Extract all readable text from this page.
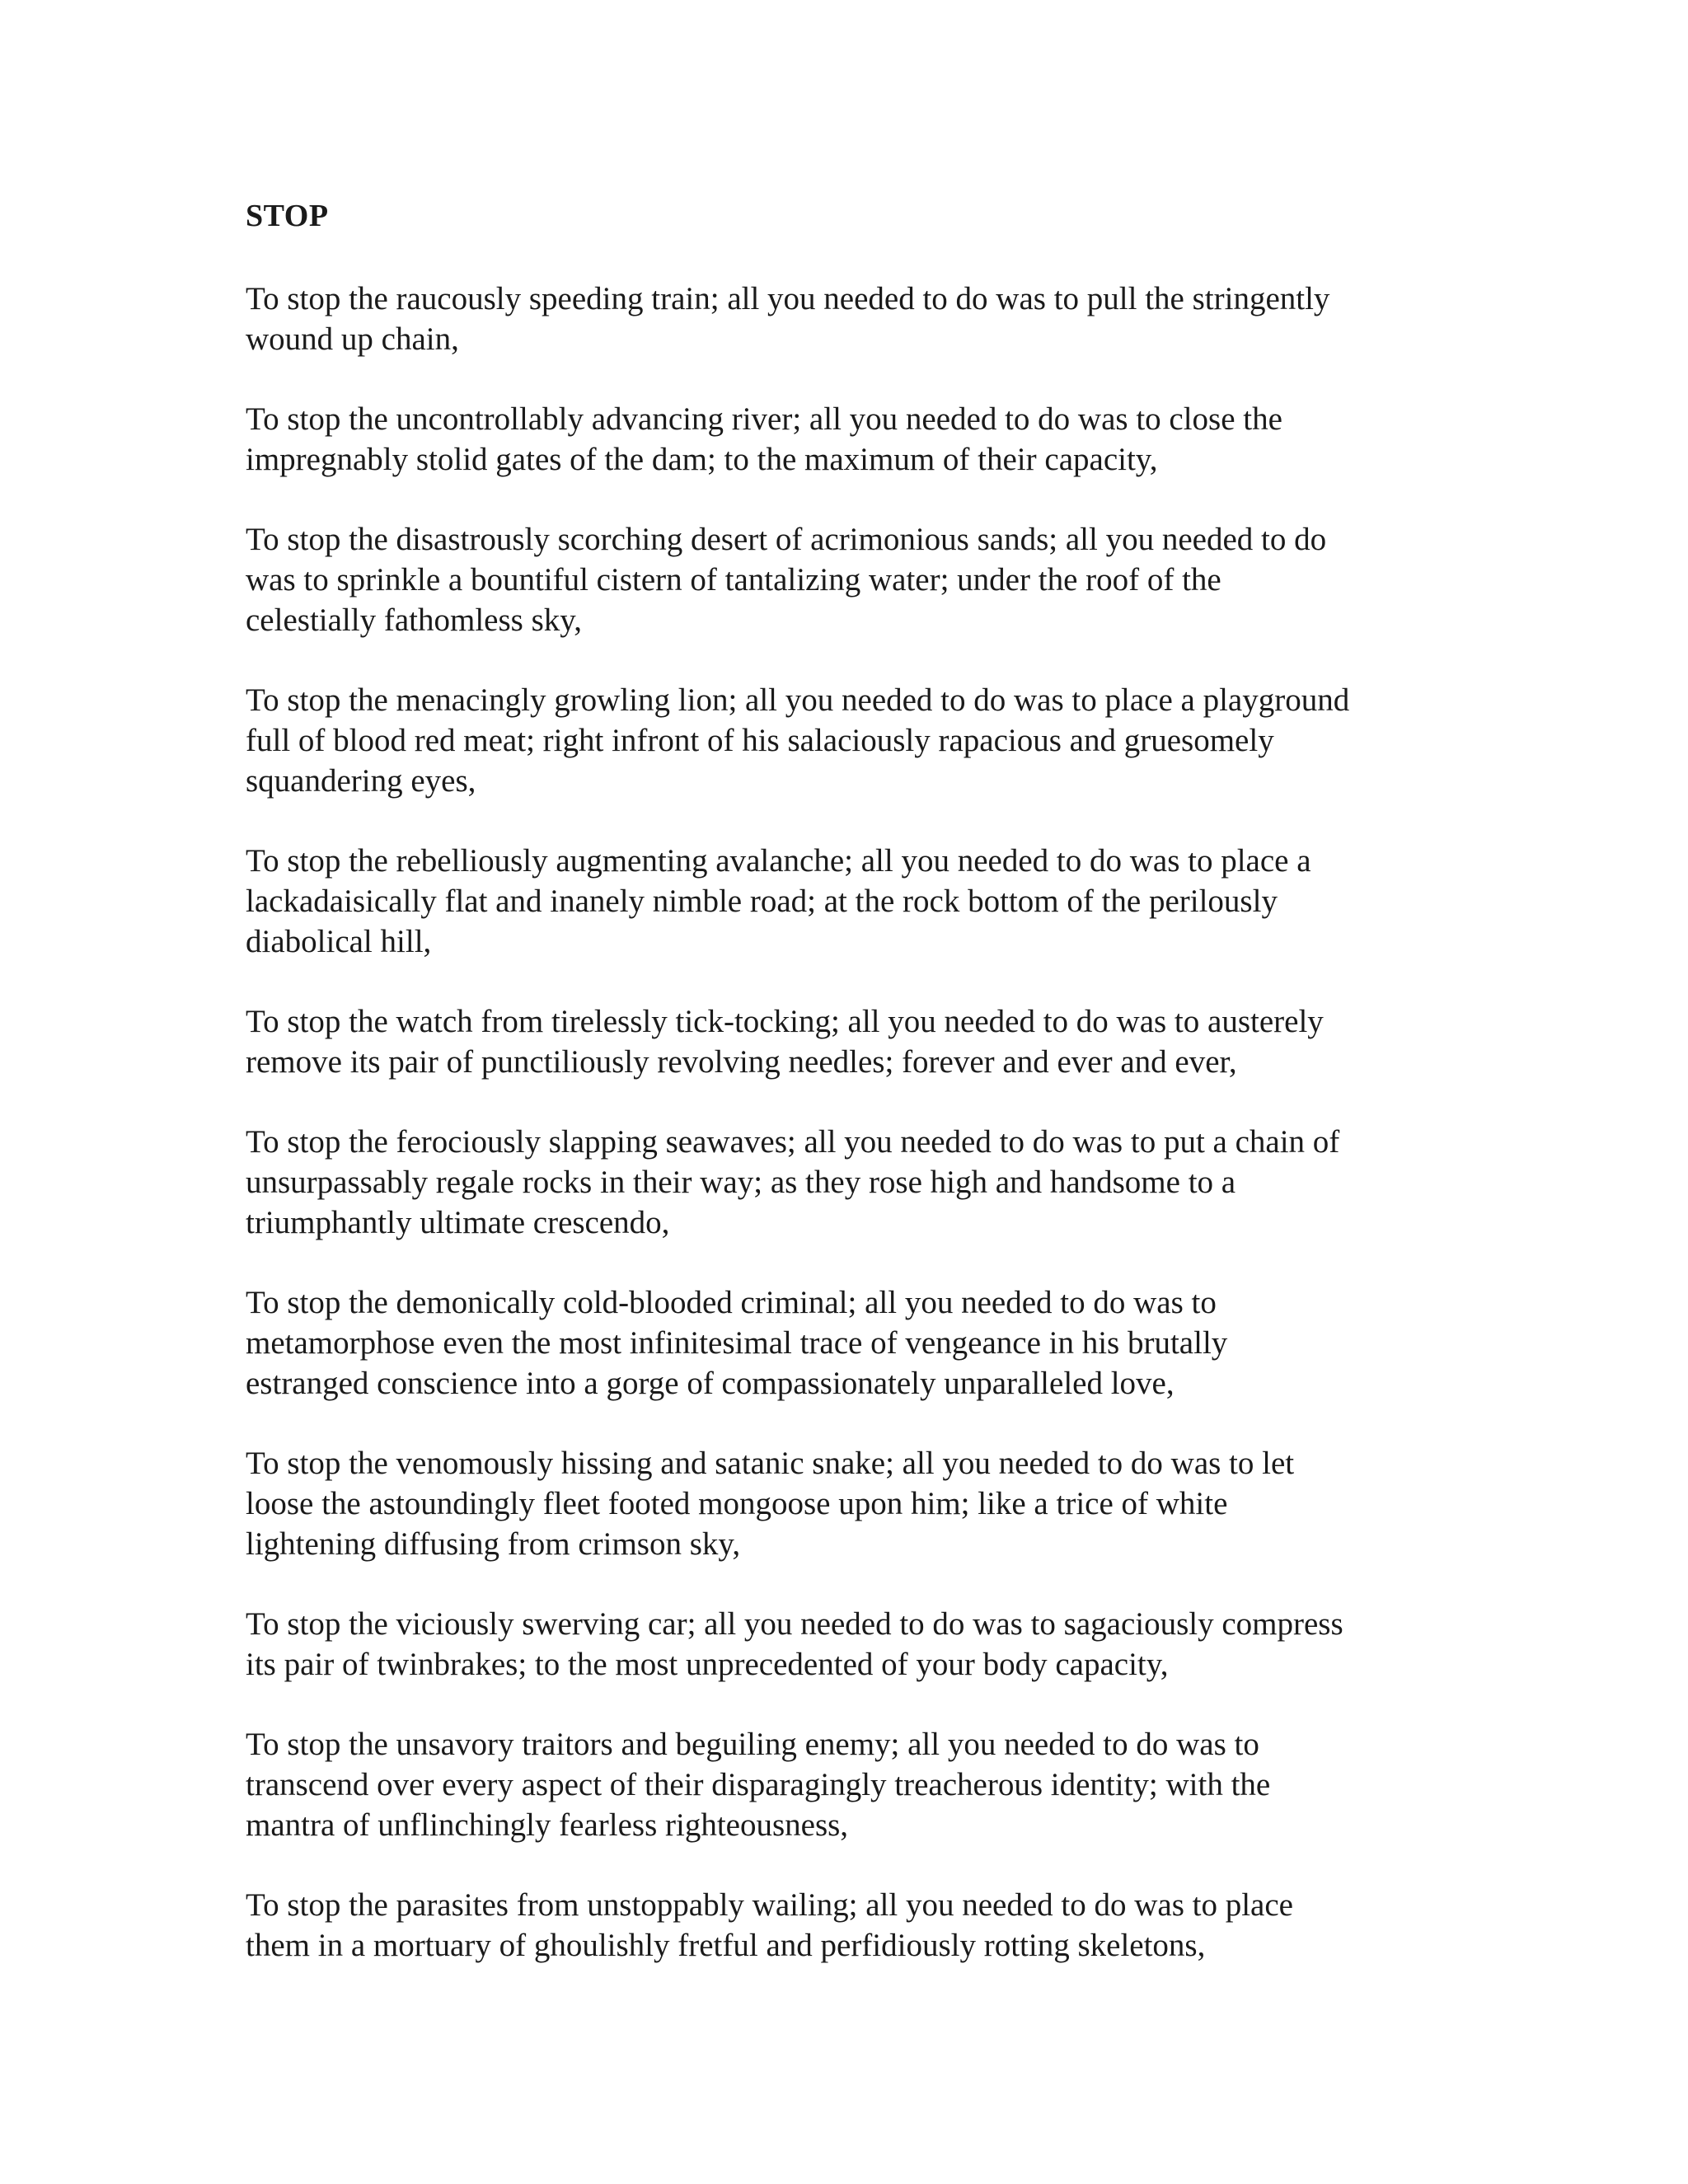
STOP
To stop the raucously speeding train; all you needed to do was to pull the stringently
wound up chain,
To stop the uncontrollably advancing river; all you needed to do was to close the
impregnably stolid gates of the dam; to the maximum of their capacity,
To stop the disastrously scorching desert of acrimonious sands; all you needed to do
was to sprinkle a bountiful cistern of tantalizing water; under the roof of the
celestially fathomless sky,
To stop the menacingly growling lion; all you needed to do was to place a playground
full of blood red meat; right infront of his salaciously rapacious and gruesomely
squandering eyes,
To stop the rebelliously augmenting avalanche; all you needed to do was to place a
lackadaisically flat and inanely nimble road; at the rock bottom of the perilously
diabolical hill,
To stop the watch from tirelessly tick-tocking; all you needed to do was to austerely
remove its pair of punctiliously revolving needles; forever and ever and ever,
To stop the ferociously slapping seawaves; all you needed to do was to put a chain of
unsurpassably regale rocks in their way; as they rose high and handsome to a
triumphantly ultimate crescendo,
To stop the demonically cold-blooded criminal; all you needed to do was to
metamorphose even the most infinitesimal trace of vengeance in his brutally
estranged conscience into a gorge of compassionately unparalleled love,
To stop the venomously hissing and satanic snake; all you needed to do was to let
loose the astoundingly fleet footed mongoose upon him; like a trice of white
lightening diffusing from crimson sky,
To stop the viciously swerving car; all you needed to do was to sagaciously compress
its pair of twinbrakes; to the most unprecedented of your body capacity,
To stop the unsavory traitors and beguiling enemy; all you needed to do was to
transcend over every aspect of their disparagingly treacherous identity; with the
mantra of unflinchingly fearless righteousness,
To stop the parasites from unstoppably wailing; all you needed to do was to place
them in a mortuary of ghoulishly fretful and perfidiously rotting skeletons,
